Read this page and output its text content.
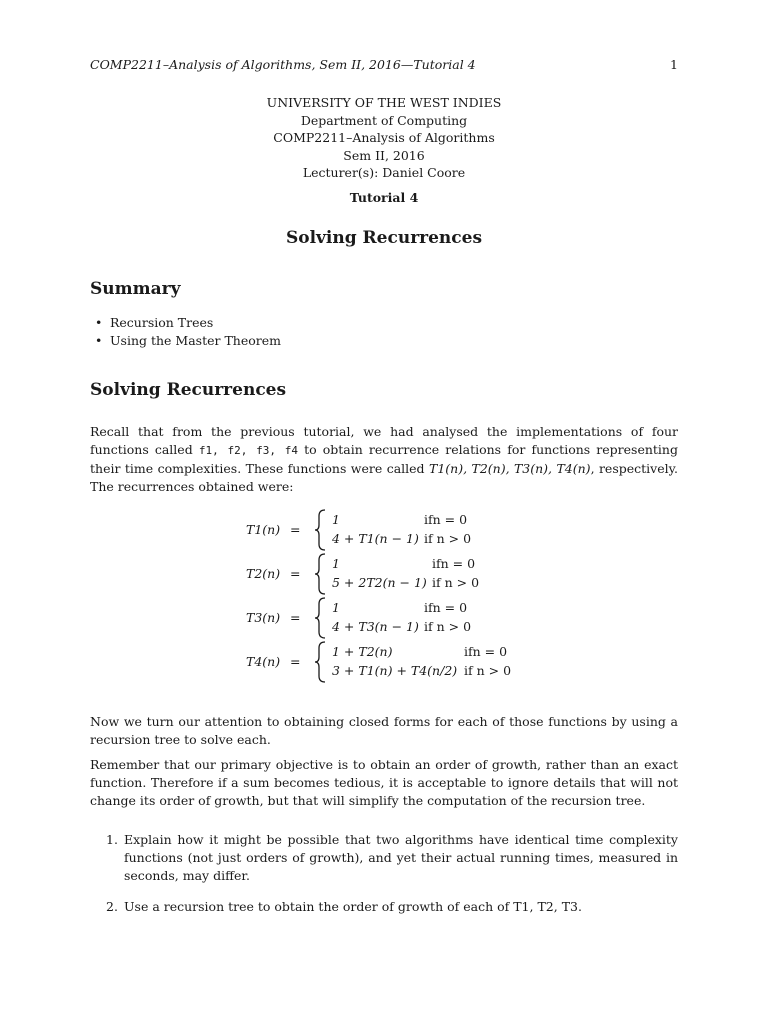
COMP2211–Analysis of Algorithms, Sem II, 2016—Tutorial 4	1
UNIVERSITY OF THE WEST INDIES
Department of Computing
COMP2211–Analysis of Algorithms
Sem II, 2016
Lecturer(s): Daniel Coore
Tutorial 4
Solving Recurrences
Summary
• Recursion Trees
• Using the Master Theorem
Solving Recurrences

Recall that from the previous tutorial, we had analysed the implementations of four functions called f1, f2, f3, f4 to obtain recurrence relations for functions representing their time complexities. These functions were called T1(n), T2(n), T3(n), T4(n), respectively. The recurrences obtained were:

T1(n) =
1	ifn = 0
4 + T1(n − 1) if n > 0
T2(n) =
1	ifn = 0
5 + 2T2(n − 1) if n > 0
T3(n) =
1	ifn = 0
4 + T3(n − 1) if n > 0
T4(n) =
1 + T2(n)	ifn = 0
3 + T1(n) + T4(n/2) if n > 0

Now we turn our attention to obtaining closed forms for each of those functions by using a recursion tree to solve each.

Remember that our primary objective is to obtain an order of growth, rather than an exact function. Therefore if a sum becomes tedious, it is acceptable to ignore details that will not change its order of growth, but that will simplify the computation of the recursion tree.

1. Explain how it might be possible that two algorithms have identical time complexity functions (not just orders of growth), and yet their actual running times, measured in seconds, may differ.
2. Use a recursion tree to obtain the order of growth of each of T1, T2, T3.
